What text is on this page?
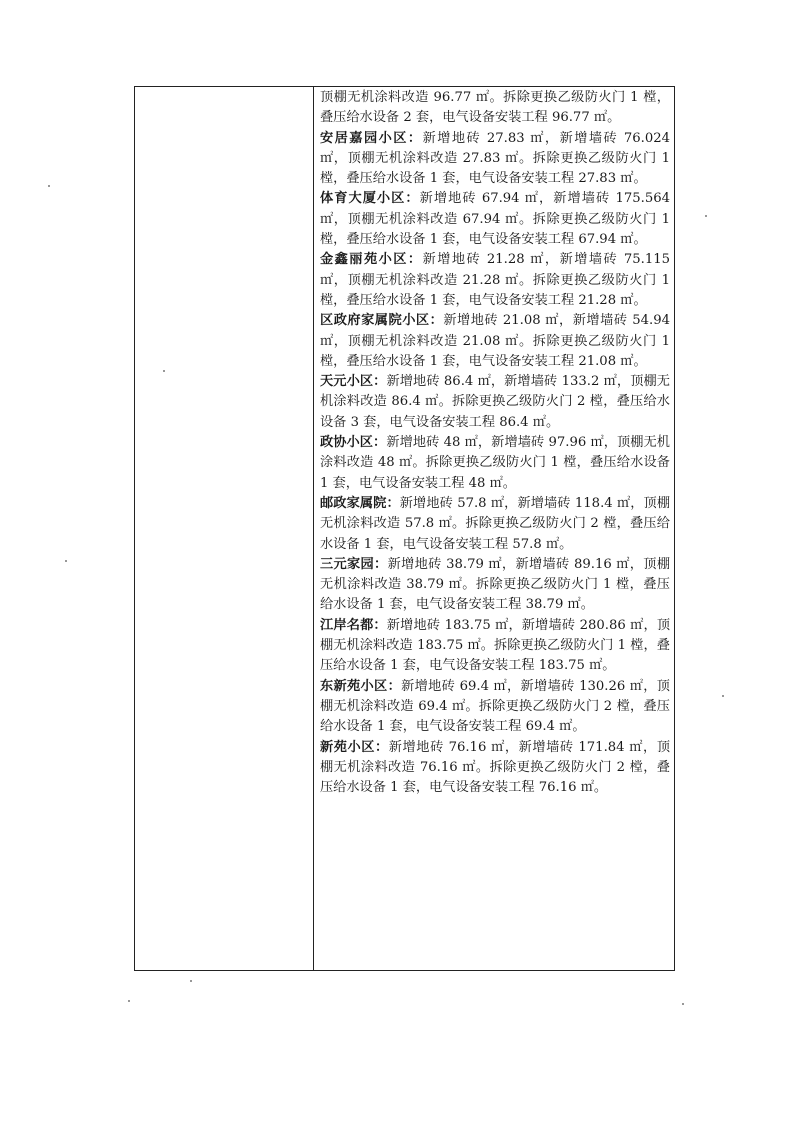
顶棚无机涂料改造 96.77 ㎡。拆除更换乙级防火门 1 樘，叠压给水设备 2 套，电气设备安装工程 96.77 ㎡。

安居嘉园小区：新增地砖 27.83 ㎡，新增墙砖 76.024 ㎡，顶棚无机涂料改造 27.83 ㎡。拆除更换乙级防火门 1 樘，叠压给水设备 1 套，电气设备安装工程 27.83 ㎡。

体育大厦小区：新增地砖 67.94 ㎡，新增墙砖 175.564 ㎡，顶棚无机涂料改造 67.94 ㎡。拆除更换乙级防火门 1 樘，叠压给水设备 1 套，电气设备安装工程 67.94 ㎡。

金鑫丽苑小区：新增地砖 21.28 ㎡，新增墙砖 75.115 ㎡，顶棚无机涂料改造 21.28 ㎡。拆除更换乙级防火门 1 樘，叠压给水设备 1 套，电气设备安装工程 21.28 ㎡。

区政府家属院小区：新增地砖 21.08 ㎡，新增墙砖 54.94 ㎡，顶棚无机涂料改造 21.08 ㎡。拆除更换乙级防火门 1 樘，叠压给水设备 1 套，电气设备安装工程 21.08 ㎡。

天元小区：新增地砖 86.4 ㎡，新增墙砖 133.2 ㎡，顶棚无机涂料改造 86.4 ㎡。拆除更换乙级防火门 2 樘，叠压给水设备 3 套，电气设备安装工程 86.4 ㎡。

政协小区：新增地砖 48 ㎡，新增墙砖 97.96 ㎡，顶棚无机涂料改造 48 ㎡。拆除更换乙级防火门 1 樘，叠压给水设备 1 套，电气设备安装工程 48 ㎡。

邮政家属院：新增地砖 57.8 ㎡，新增墙砖 118.4 ㎡，顶棚无机涂料改造 57.8 ㎡。拆除更换乙级防火门 2 樘，叠压给水设备 1 套，电气设备安装工程 57.8 ㎡。

三元家园：新增地砖 38.79 ㎡，新增墙砖 89.16 ㎡，顶棚无机涂料改造 38.79 ㎡。拆除更换乙级防火门 1 樘，叠压给水设备 1 套，电气设备安装工程 38.79 ㎡。

江岸名都：新增地砖 183.75 ㎡，新增墙砖 280.86 ㎡，顶棚无机涂料改造 183.75 ㎡。拆除更换乙级防火门 1 樘，叠压给水设备 1 套，电气设备安装工程 183.75 ㎡。

东新苑小区：新增地砖 69.4 ㎡，新增墙砖 130.26 ㎡，顶棚无机涂料改造 69.4 ㎡。拆除更换乙级防火门 2 樘，叠压给水设备 1 套，电气设备安装工程 69.4 ㎡。

新苑小区：新增地砖 76.16 ㎡，新增墙砖 171.84 ㎡，顶棚无机涂料改造 76.16 ㎡。拆除更换乙级防火门 2 樘，叠压给水设备 1 套，电气设备安装工程 76.16 ㎡。
